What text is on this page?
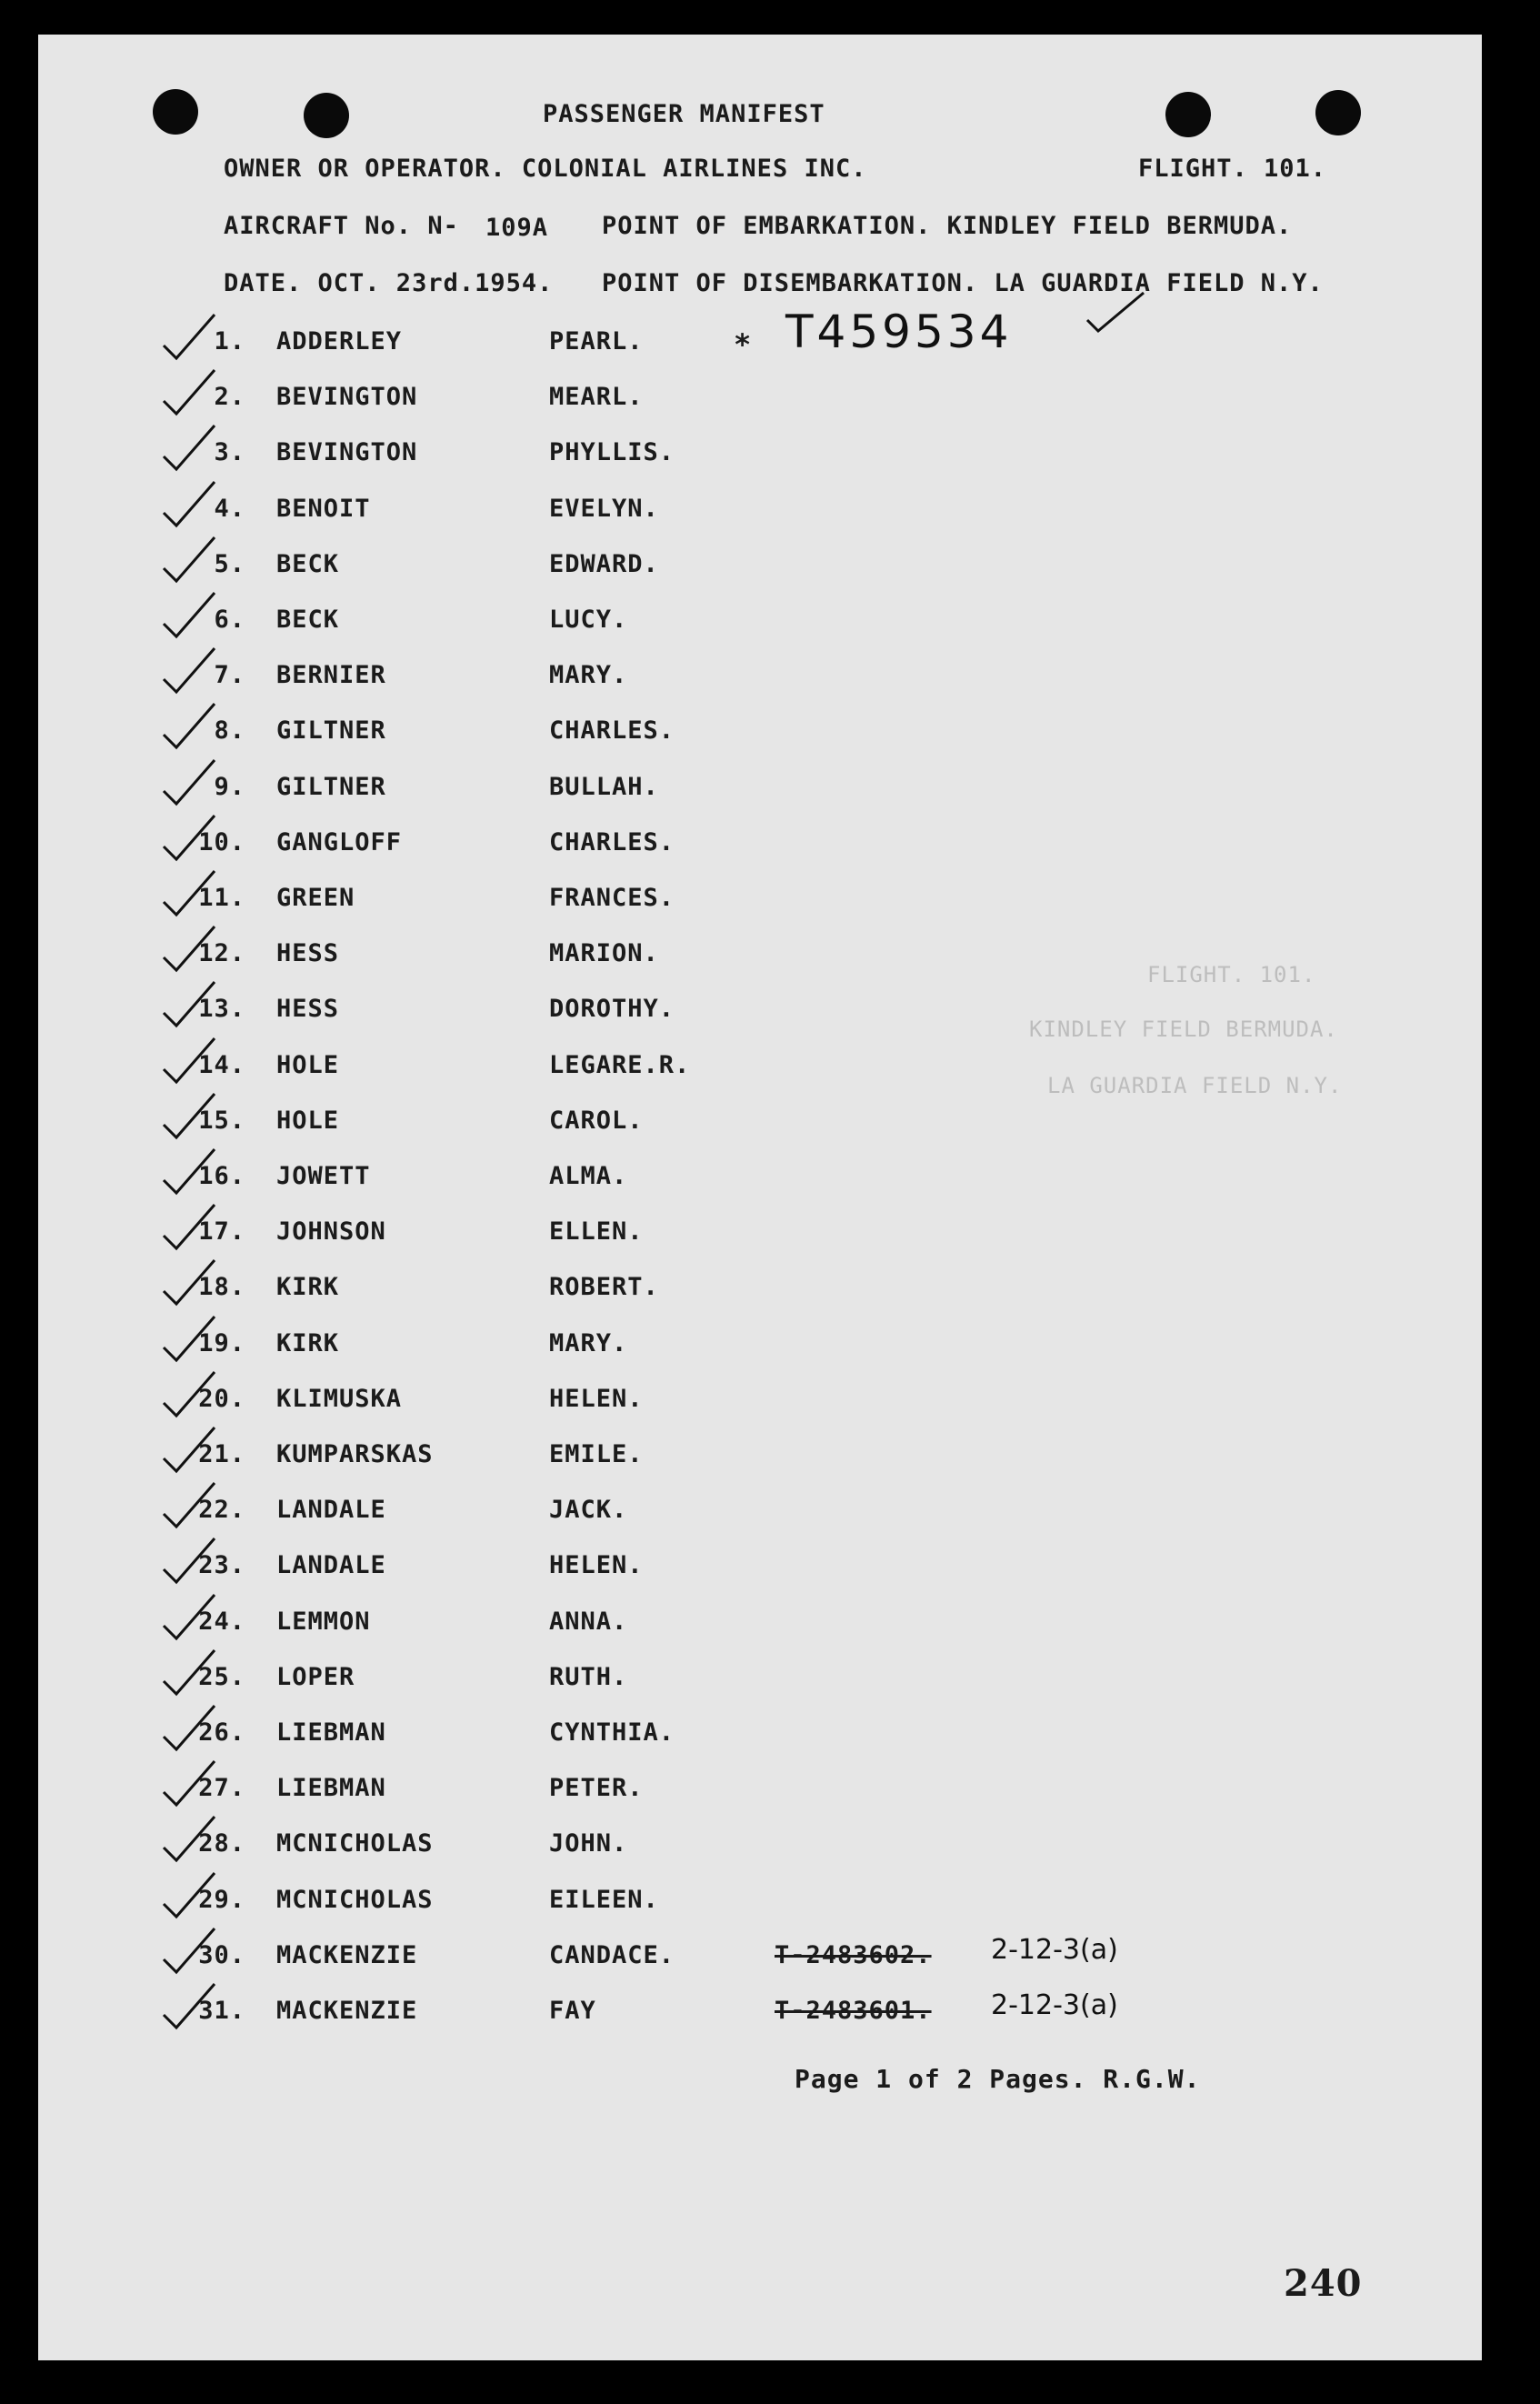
FLIGHT. 101.
KINDLEY FIELD BERMUDA.
LA GUARDIA FIELD N.Y.
PASSENGER MANIFEST
OWNER OR OPERATOR. COLONIAL AIRLINES INC.	FLIGHT. 101.
AIRCRAFT No. N- 109A POINT OF EMBARKATION. KINDLEY FIELD BERMUDA.
DATE. OCT. 23rd.1954. POINT OF DISEMBARKATION. LA GUARDIA FIELD N.Y.
* T459534
1. ADDERLEY	PEARL.
2. BEVINGTON	MEARL.
3. BEVINGTON	PHYLLIS.
4. BENOIT	EVELYN.
5. BECK	EDWARD.
6. BECK	LUCY.
7. BERNIER	MARY.
8. GILTNER	CHARLES.
9. GILTNER	BULLAH.
10. GANGLOFF	CHARLES.
11. GREEN	FRANCES.
12. HESS	MARION.
13. HESS	DOROTHY.
14. HOLE	LEGARE.R.
15. HOLE	CAROL.
16. JOWETT	ALMA.
17. JOHNSON	ELLEN.
18. KIRK	ROBERT.
19. KIRK	MARY.
20. KLIMUSKA	HELEN.
21. KUMPARSKAS	EMILE.
22. LANDALE	JACK.
23. LANDALE	HELEN.
24. LEMMON	ANNA.
25. LOPER	RUTH.
26. LIEBMAN	CYNTHIA.
27. LIEBMAN	PETER.
28. MCNICHOLAS	JOHN.
29. MCNICHOLAS	EILEEN.
30. MACKENZIE	CANDACE.	T-2483602. 2-12-3(a)
31. MACKENZIE	FAY	T-2483601. 2-12-3(a)
Page 1 of 2 Pages. R.G.W.
240
